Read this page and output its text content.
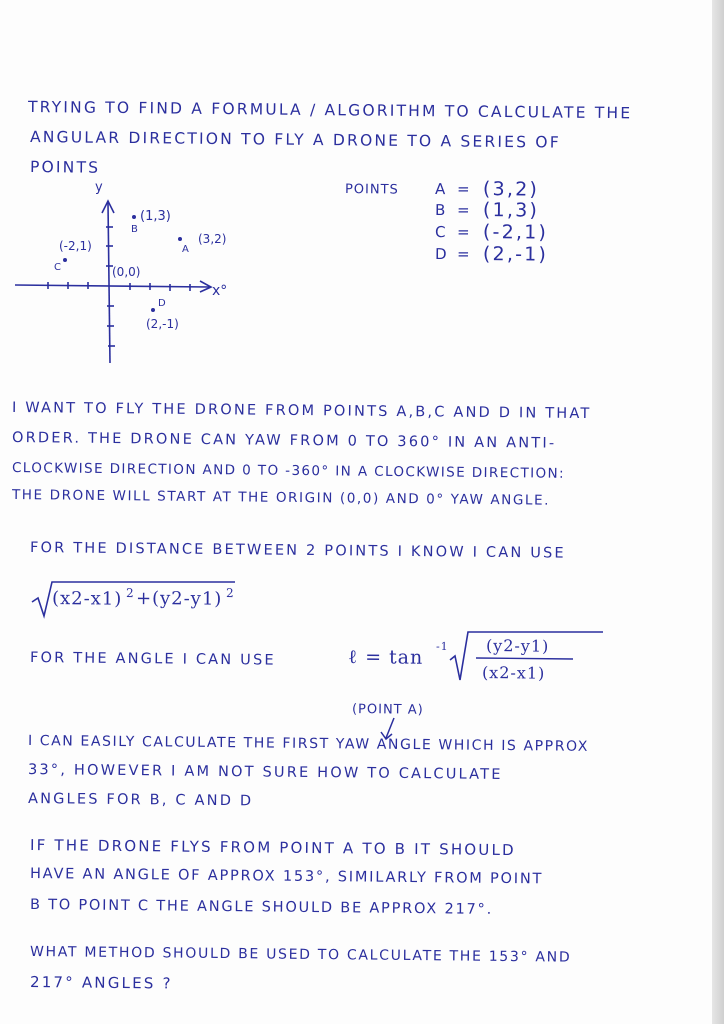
TRYING TO FIND A FORMULA / ALGORITHM TO CALCULATE THE
ANGULAR DIRECTION TO FLY A DRONE TO A SERIES OF
POINTS
y
x°
(0,0)
B
(1,3)
A
(3,2)
C
(-2,1)
D
(2,-1)
POINTS A = (3,2)
B = (1,3)
C = (-2,1)
D = (2,-1)
I WANT TO FLY THE DRONE FROM POINTS A,B,C AND D IN THAT
ORDER. THE DRONE CAN YAW FROM 0 TO 360° IN AN ANTI-
CLOCKWISE DIRECTION AND 0 TO -360° IN A CLOCKWISE DIRECTION:
THE DRONE WILL START AT THE ORIGIN (0,0) AND 0° YAW ANGLE.
FOR THE DISTANCE BETWEEN 2 POINTS I KNOW I CAN USE
(x2-x1) 2 + (y2-y1) 2
FOR THE ANGLE I CAN USE	ℓ = tan -1 (y2-y1)
(x2-x1)
(POINT A)
I CAN EASILY CALCULATE THE FIRST YAW ANGLE WHICH IS APPROX
33°, HOWEVER I AM NOT SURE HOW TO CALCULATE
ANGLES FOR B, C AND D
IF THE DRONE FLYS FROM POINT A TO B IT SHOULD
HAVE AN ANGLE OF APPROX 153°, SIMILARLY FROM POINT
B TO POINT C THE ANGLE SHOULD BE APPROX 217°.
WHAT METHOD SHOULD BE USED TO CALCULATE THE 153° AND
217° ANGLES ?
